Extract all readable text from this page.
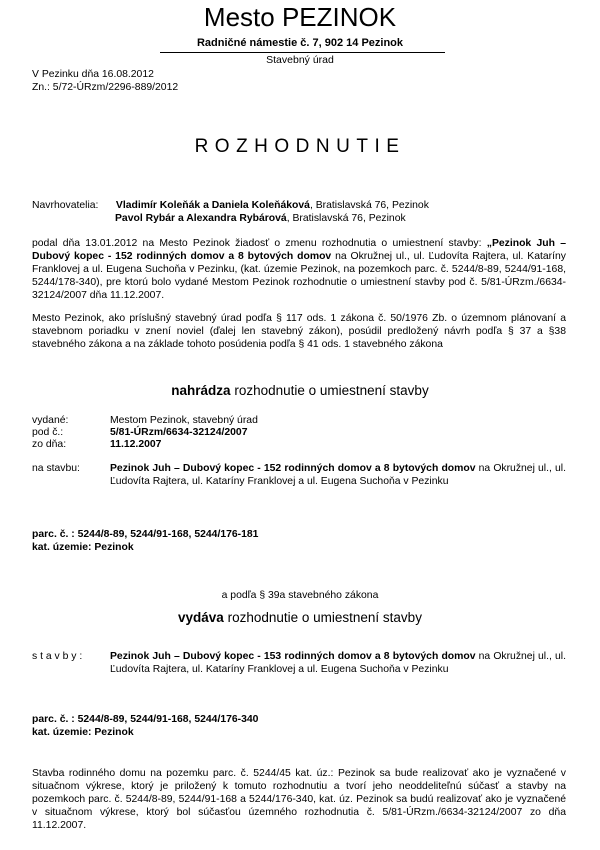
Mesto PEZINOK
Radničné námestie č. 7, 902 14 Pezinok
Stavebný úrad
V Pezinku dňa 16.08.2012
Zn.: 5/72-ÚRzm/2296-889/2012
ROZHODNUTIE
Navrhovatelia: Vladimír Koleňák a Daniela Koleňáková, Bratislavská 76, Pezinok
Pavol Rybár a Alexandra Rybárová, Bratislavská 76, Pezinok
podal dňa 13.01.2012 na Mesto Pezinok žiadosť o zmenu rozhodnutia o umiestnení stavby: „Pezinok Juh – Dubový kopec - 152 rodinných domov a 8 bytových domov na Okružnej ul., ul. Ľudovíta Rajtera, ul. Kataríny Franklovej a ul. Eugena Suchoňa v Pezinku, (kat. územie Pezinok, na pozemkoch parc. č. 5244/8-89, 5244/91-168, 5244/178-340), pre ktorú bolo vydané Mestom Pezinok rozhodnutie o umiestnení stavby pod č. 5/81-ÚRzm./6634-32124/2007 dňa 11.12.2007.
Mesto Pezinok, ako príslušný stavebný úrad podľa § 117 ods. 1 zákona č. 50/1976 Zb. o územnom plánovaní a stavebnom poriadku v znení noviel (ďalej len stavebný zákon), posúdil predložený návrh podľa § 37 a §38 stavebného zákona a na základe tohoto posúdenia podľa § 41 ods. 1 stavebného zákona
nahrádza rozhodnutie o umiestnení stavby
vydané:	Mestom Pezinok, stavebný úrad
pod č.:	5/81-ÚRzm/6634-32124/2007
zo dňa:	11.12.2007
na stavbu:	Pezinok Juh – Dubový kopec - 152 rodinných domov a 8 bytových domov na Okružnej ul., ul. Ľudovíta Rajtera, ul. Kataríny Franklovej a ul. Eugena Suchoňa v Pezinku
parc. č. : 5244/8-89, 5244/91-168, 5244/176-181
kat. územie: Pezinok
a podľa § 39a stavebného zákona
vydáva rozhodnutie o umiestnení stavby
s t a v b y :	Pezinok Juh – Dubový kopec - 153 rodinných domov a 8 bytových domov na Okružnej ul., ul. Ľudovíta Rajtera, ul. Kataríny Franklovej a ul. Eugena Suchoňa v Pezinku
parc. č. : 5244/8-89, 5244/91-168, 5244/176-340
kat. územie: Pezinok
Stavba rodinného domu na pozemku parc. č. 5244/45 kat. úz.: Pezinok sa bude realizovať ako je vyznačené v situačnom výkrese, ktorý je priložený k tomuto rozhodnutiu a tvorí jeho neoddeliteľnú súčasť a stavby na pozemkoch parc. č. 5244/8-89, 5244/91-168 a 5244/176-340, kat. úz. Pezinok sa budú realizovať ako je vyznačené v situačnom výkrese, ktorý bol súčasťou územného rozhodnutia č. 5/81-ÚRzm./6634-32124/2007 zo dňa 11.12.2007.
